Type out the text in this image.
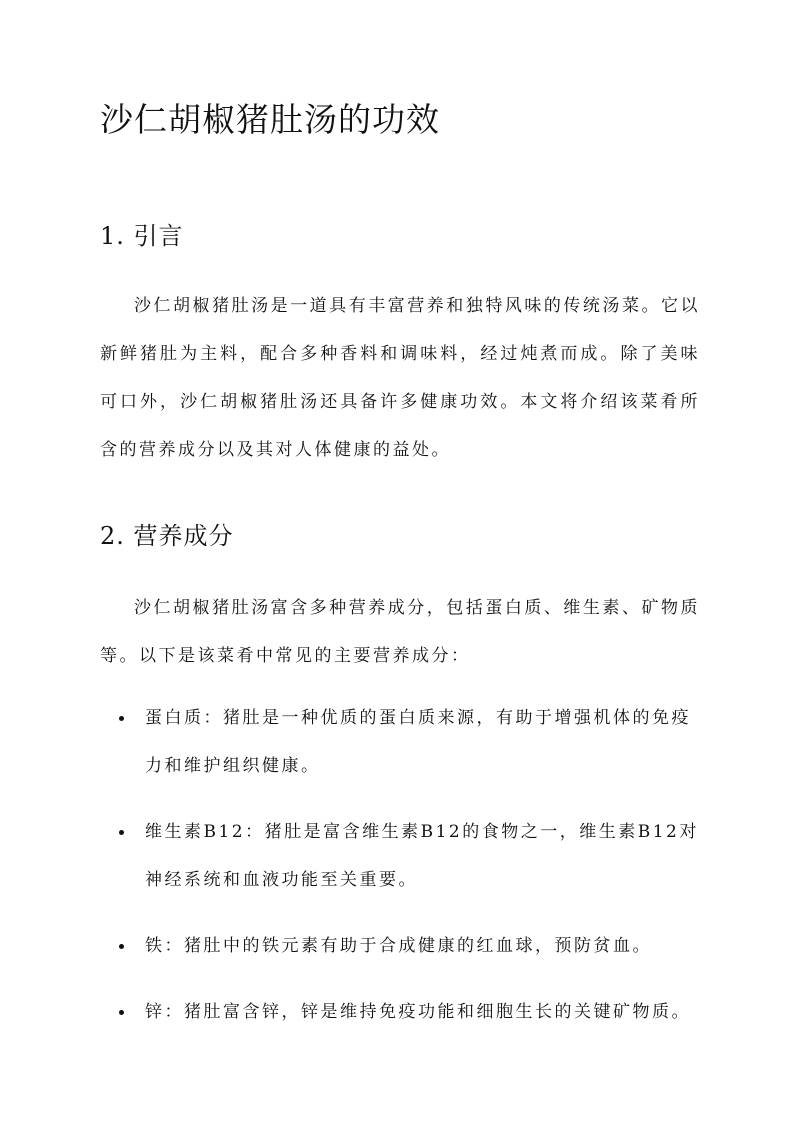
沙仁胡椒猪肚汤的功效
1. 引言

沙仁胡椒猪肚汤是一道具有丰富营养和独特风味的传统汤菜。它以新鲜猪肚为主料，配合多种香料和调味料，经过炖煮而成。除了美味可口外，沙仁胡椒猪肚汤还具备许多健康功效。本文将介绍该菜肴所含的营养成分以及其对人体健康的益处。

2. 营养成分

沙仁胡椒猪肚汤富含多种营养成分，包括蛋白质、维生素、矿物质等。以下是该菜肴中常见的主要营养成分：

蛋白质：猪肚是一种优质的蛋白质来源，有助于增强机体的免疫力和维护组织健康。
维生素B12：猪肚是富含维生素B12的食物之一，维生素B12对神经系统和血液功能至关重要。
铁：猪肚中的铁元素有助于合成健康的红血球，预防贫血。
锌：猪肚富含锌，锌是维持免疫功能和细胞生长的关键矿物质。
